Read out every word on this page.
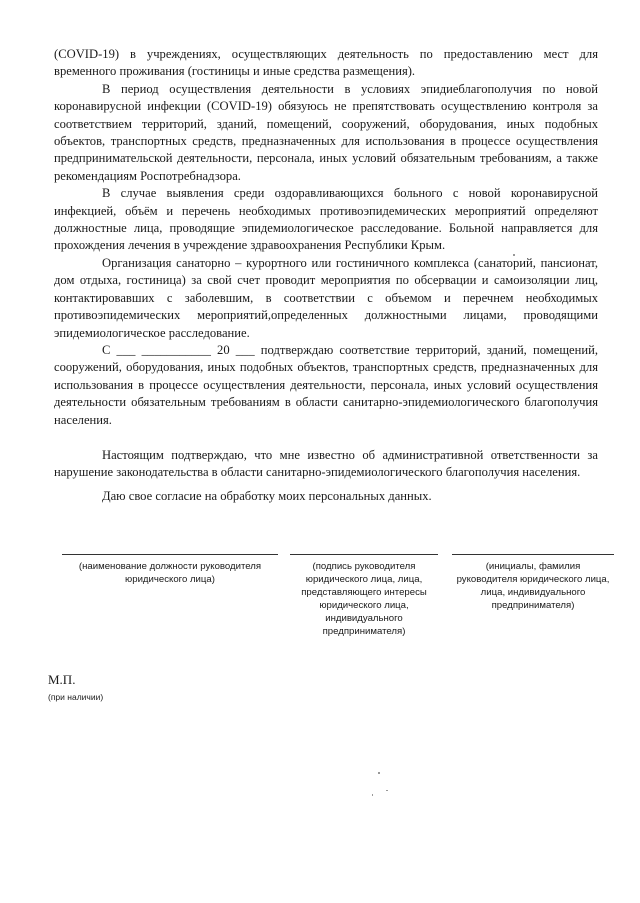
(COVID-19) в учреждениях, осуществляющих деятельность по предоставлению мест для временного проживания (гостиницы и иные средства размещения).

В период осуществления деятельности в условиях эпидиеблагополучия по новой коронавирусной инфекции (COVID-19) обязуюсь не препятствовать осуществлению контроля за соответствием территорий, зданий, помещений, сооружений, оборудования, иных подобных объектов, транспортных средств, предназначенных для использования в процессе осуществления предпринимательской деятельности, персонала, иных условий обязательным требованиям, а также рекомендациям Роспотребнадзора.

В случае выявления среди оздоравливающихся больного с новой коронавирусной инфекцией, объём и перечень необходимых противоэпидемических мероприятий определяют должностные лица, проводящие эпидемиологическое расследование. Больной направляется для прохождения лечения в учреждение здравоохранения Республики Крым.

Организация санаторно – курортного или гостиничного комплекса (санаторий, пансионат, дом отдыха, гостиница) за свой счет проводит мероприятия по обсервации и самоизоляции лиц, контактировавших с заболевшим, в соответствии с объемом и перечнем необходимых противоэпидемических мероприятий,определенных должностными лицами, проводящими эпидемиологическое расследование.

С ___ ___________ 20 ___ подтверждаю соответствие территорий, зданий, помещений, сооружений, оборудования, иных подобных объектов, транспортных средств, предназначенных для использования в процессе осуществления деятельности, персонала, иных условий осуществления деятельности обязательным требованиям в области санитарно-эпидемиологического благополучия населения.

Настоящим подтверждаю, что мне известно об административной ответственности за нарушение законодательства в области санитарно-эпидемиологического благополучия населения.

Даю свое согласие на обработку моих персональных данных.

(наименование должности руководителя юридического лица)
(подпись руководителя юридического лица, лица, представляющего интересы юридического лица, индивидуального предпринимателя)
(инициалы, фамилия руководителя юридического лица, лица, индивидуального предпринимателя)
М.П.
(при наличии)
